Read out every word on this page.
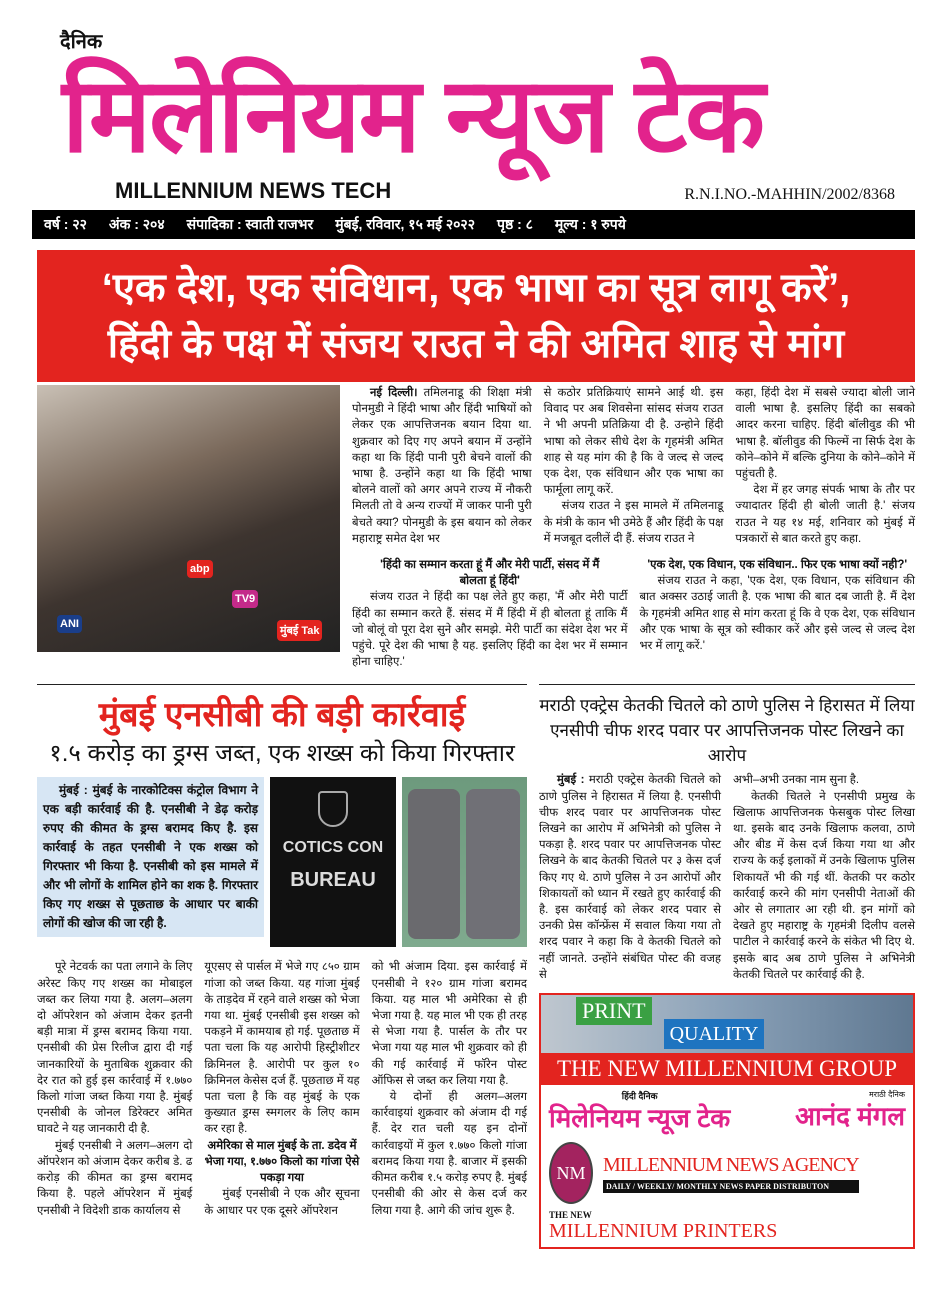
दैनिक
मिलेनियम न्यूज टेक
MILLENNIUM NEWS TECH	R.N.I.NO.-MAHHIN/2002/8368
वर्ष : २२ अंक : २०४ संपादिका : स्वाती राजभर मुंबई, रविवार, १५ मई २०२२ पृष्ठ : ८ मूल्य : १ रुपये
‘एक देश, एक संविधान, एक भाषा का सूत्र लागू करें’,
हिंदी के पक्ष में संजय राउत ने की अमित शाह से मांग
abp
TV9
मुंबई Tak
ANI

नई दिल्ली। तमिलनाडू की शिक्षा मंत्री पोनमुडी ने हिंदी भाषा और हिंदी भाषियों को लेकर एक आपत्तिजनक बयान दिया था. शुक्रवार को दिए गए अपने बयान में उन्होंने कहा था कि हिंदी पानी पुरी बेचने वालों की भाषा है. उन्होंने कहा था कि हिंदी भाषा बोलने वालों को अगर अपने राज्य में नौकरी मिलती तो वे अन्य राज्यों में जाकर पानी पुरी बेचते क्या? पोनमुडी के इस बयान को लेकर महाराष्ट्र समेत देश भर

से कठोर प्रतिक्रियाएं सामने आई थी. इस विवाद पर अब शिवसेना सांसद संजय राउत ने भी अपनी प्रतिक्रिया दी है. उन्होने हिंदी भाषा को लेकर सीधे देश के गृहमंत्री अमित शाह से यह मांग की है कि वे जल्द से जल्द एक देश, एक संविधान और एक भाषा का फार्मूला लागू करें.

संजय राउत ने इस मामले में तमिलनाडू के मंत्री के कान भी उमेठे हैं और हिंदी के पक्ष में मजबूत दलीलें दी हैं. संजय राउत ने

कहा, हिंदी देश में सबसे ज्यादा बोली जाने वाली भाषा है. इसलिए हिंदी का सबको आदर करना चाहिए. हिंदी बॉलीवुड की भी भाषा है. बॉलीवुड की फिल्में ना सिर्फ देश के कोने–कोने में बल्कि दुनिया के कोने–कोने में पहुंचती है.

देश में हर जगह संपर्क भाषा के तौर पर ज्यादातर हिंदी ही बोली जाती है.' संजय राउत ने यह १४ मई, शनिवार को मुंबई में पत्रकारों से बात करते हुए कहा.

'हिंदी का सम्मान करता हूं मैं और मेरी पार्टी, संसद में मैं बोलता हूं हिंदी'

संजय राउत ने हिंदी का पक्ष लेते हुए कहा, 'मैं और मेरी पार्टी हिंदी का सम्मान करते हैं. संसद में मैं हिंदी में ही बोलता हूं ताकि मैं जो बोलूं वो पूरा देश सुने और समझे. मेरी पार्टी का संदेश देश भर में पहुंचे. पूरे देश की भाषा है यह. इसलिए हिंदी का देश भर में सम्मान होना चाहिए.'

'एक देश, एक विधान, एक संविधान.. फिर एक भाषा क्यों नही?'

संजय राउत ने कहा, 'एक देश, एक विधान, एक संविधान की बात अक्सर उठाई जाती है. एक भाषा की बात दब जाती है. मैं देश के गृहमंत्री अमित शाह से मांग करता हूं कि वे एक देश, एक संविधान और एक भाषा के सूत्र को स्वीकार करें और इसे जल्द से जल्द देश भर में लागू करें.'

मुंबई एनसीबी की बड़ी कार्रवाई
१.५ करोड़ का ड्रग्स जब्त, एक शख्स को किया गिरफ्तार
मुंबई : मुंबई के नारकोटिक्स कंट्रोल विभाग ने एक बड़ी कार्रवाई की है. एनसीबी ने डेढ़ करोड़ रुपए की कीमत के ड्रग्स बरामद किए है. इस कार्रवाई के तहत एनसीबी ने एक शख्स को गिरफ्तार भी किया है. एनसीबी को इस मामले में और भी लोगों के शामिल होने का शक है. गिरफ्तार किए गए शख्स से पूछताछ के आधार पर बाकी लोगों की खोज की जा रही है.
COTICS CON
BUREAU

पूरे नेटवर्क का पता लगाने के लिए अरेस्ट किए गए शख्स का मोबाइल जब्त कर लिया गया है. अलग–अलग दो ऑपरेशन को अंजाम देकर इतनी बड़ी मात्रा में ड्रग्स बरामद किया गया. एनसीबी की प्रेस रिलीज द्वारा दी गई जानकारियों के मुताबिक शुक्रवार की देर रात को हुई इस कार्रवाई में १.७७० किलो गांजा जब्त किया गया है. मुंबई एनसीबी के जोनल डिरेक्टर अमित घावटे ने यह जानकारी दी है.

मुंबई एनसीबी ने अलग–अलग दो ऑपरेशन को अंजाम देकर करीब डे. ढ करोड़ की कीमत का ड्रग्स बरामद किया है. पहले ऑपरेशन में मुंबई एनसीबी ने विदेशी डाक कार्यालय से

यूएसए से पार्सल में भेजे गए ८५० ग्राम गांजा को जब्त किया. यह गांजा मुंबई के ताड़देव में रहने वाले शख्स को भेजा गया था. मुंबई एनसीबी इस शख्स को पकड़ने में कामयाब हो गई. पूछताछ में पता चला कि यह आरोपी हिस्ट्रीशीटर क्रिमिनल है. आरोपी पर कुल १० क्रिमिनल केसेस दर्ज हैं. पूछताछ में यह पता चला है कि वह मुंबई के एक कुख्यात ड्रग्स स्मगलर के लिए काम कर रहा है.

अमेरिका से माल मुंबई के ता. डदेव में भेजा गया, १.७७० किलो का गांजा ऐसे पकड़ा गया

मुंबई एनसीबी ने एक और सूचना के आधार पर एक दूसरे ऑपरेशन

को भी अंजाम दिया. इस कार्रवाई में एनसीबी ने १२० ग्राम गांजा बरामद किया. यह माल भी अमेरिका से ही भेजा गया है. यह माल भी एक ही तरह से भेजा गया है. पार्सल के तौर पर भेजा गया यह माल भी शुक्रवार को ही की गई कार्रवाई में फॉरेन पोस्ट ऑफिस से जब्त कर लिया गया है.

ये दोनों ही अलग–अलग कार्रवाइयां शुक्रवार को अंजाम दी गई हैं. देर रात चली यह इन दोनों कार्रवाइयों में कुल १.७७० किलो गांजा बरामद किया गया है. बाजार में इसकी कीमत करीब १.५ करोड़ रुपए है. मुंबई एनसीबी की ओर से केस दर्ज कर लिया गया है. आगे की जांच शुरू है.

मराठी एक्ट्रेस केतकी चितले को ठाणे पुलिस ने हिरासत में लिया
एनसीपी चीफ शरद पवार पर आपत्तिजनक पोस्ट लिखने का आरोप

मुंबई : मराठी एक्ट्रेस केतकी चितले को ठाणे पुलिस ने हिरासत में लिया है. एनसीपी चीफ शरद पवार पर आपत्तिजनक पोस्ट लिखने का आरोप में अभिनेत्री को पुलिस ने पकड़ा है. शरद पवार पर आपत्तिजनक पोस्ट लिखने के बाद केतकी चितले पर ३ केस दर्ज किए गए थे. ठाणे पुलिस ने उन आरोपों और शिकायतों को ध्यान में रखते हुए कार्रवाई की है. इस कार्रवाई को लेकर शरद पवार से उनकी प्रेस कॉन्फ्रेंस में सवाल किया गया तो शरद पवार ने कहा कि वे केतकी चितले को नहीं जानते. उन्होंने संबंधित पोस्ट की वजह से

अभी–अभी उनका नाम सुना है.

केतकी चितले ने एनसीपी प्रमुख के खिलाफ आपत्तिजनक फेसबुक पोस्ट लिखा था. इसके बाद उनके खिलाफ कलवा, ठाणे और बीड में केस दर्ज किया गया था और राज्य के कई इलाकों में उनके खिलाफ पुलिस शिकायतें भी की गई थीं. केतकी पर कठोर कार्रवाई करने की मांग एनसीपी नेताओं की ओर से लगातार आ रही थी. इन मांगों को देखते हुए महाराष्ट्र के गृहमंत्री दिलीप वलसे पाटील ने कार्रवाई करने के संकेत भी दिए थे. इसके बाद अब ठाणे पुलिस ने अभिनेत्री केतकी चितले पर कार्रवाई की है.

PRINT
QUALITY
THE NEW MILLENNIUM GROUP
हिंदी दैनिक
मिलेनियम न्यूज टेक
मराठी दैनिक
आनंद मंगल
NM MILLENNIUM NEWS AGENCY
DAILY / WEEKLY/ MONTHLY NEWS PAPER DISTRIBUTON
THE NEW
MILLENNIUM PRINTERS
